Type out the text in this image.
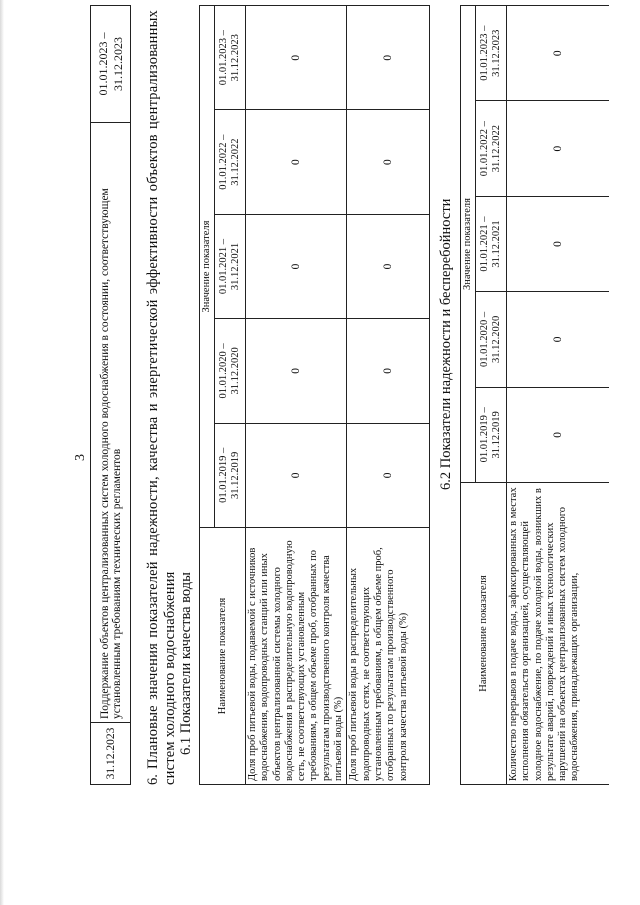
3
31.12.2023	Поддержание объектов централизованных систем холодного водоснабжения в состоянии, соответствующем установленным требованиям технических регламентов	01.01.2023 – 31.12.2023
6. Плановые значения показателей надежности, качества и энергетической эффективности объектов централизованных систем холодного водоснабжения 6.1 Показатели качества воды Наименование показателя	Значение показателя				
	01.01.2019 – 31.12.2019	01.01.2020 – 31.12.2020	01.01.2021 – 31.12.2021	01.01.2022 – 31.12.2022	01.01.2023 – 31.12.2023
Доля проб питьевой воды, подаваемой с источников водоснабжения, водопроводных станций или иных объектов централизованной системы холодного водоснабжения в распределительную водопроводную сеть, не соответствующих установленным требованиям, в общем объеме проб, отобранных по результатам производственного контроля качества питьевой воды (%)	0	0	0	0	0
Доля проб питьевой воды в распределительных водопроводных сетях, не соответствующих установленным требованиям, в общем объеме проб, отобранных по результатам производственного контроля качества питьевой воды (%)	0	0	0	0	0
6.2 Показатели надежности и бесперебойности
Наименование показателя	Значение показателя				
	01.01.2019 – 31.12.2019	01.01.2020 – 31.12.2020	01.01.2021 – 31.12.2021	01.01.2022 – 31.12.2022	01.01.2023 – 31.12.2023
Количество перерывов в подаче воды, зафиксированных в местах исполнения обязательств организацией, осуществляющей холодное водоснабжение, по подаче холодной воды, возникших в результате аварий, повреждений и иных технологических нарушений на объектах централизованных систем холодного водоснабжения, принадлежащих организации,	0	0	0	0	0
